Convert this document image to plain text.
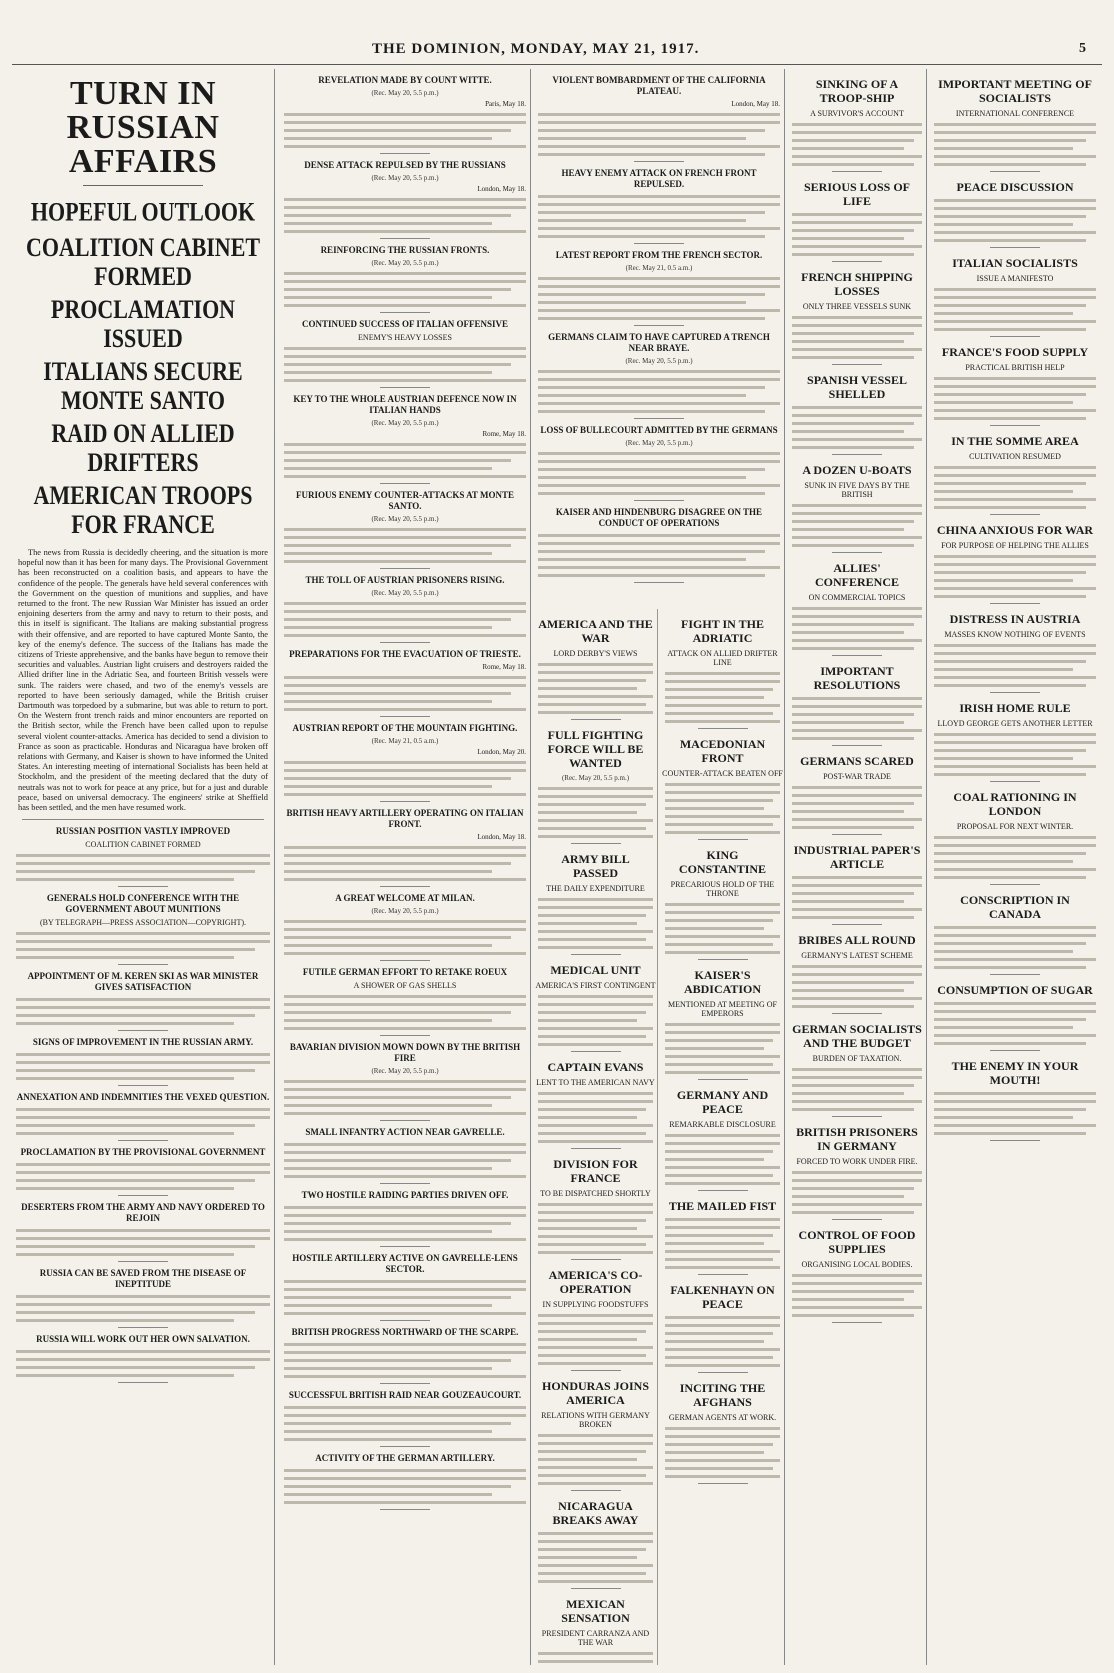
THE DOMINION, MONDAY, MAY 21, 1917.	5
TURN IN RUSSIAN AFFAIRS
HOPEFUL OUTLOOK
COALITION CABINET FORMED
PROCLAMATION ISSUED
ITALIANS SECURE MONTE SANTO
RAID ON ALLIED DRIFTERS
AMERICAN TROOPS FOR FRANCE

The news from Russia is decidedly cheering, and the situation is more hopeful now than it has been for many days. The Provisional Government has been reconstructed on a coalition basis, and appears to have the confidence of the people. The generals have held several conferences with the Government on the question of munitions and supplies, and have returned to the front. The new Russian War Minister has issued an order enjoining deserters from the army and navy to return to their posts, and this in itself is significant. The Italians are making substantial progress with their offensive, and are reported to have captured Monte Santo, the key of the enemy's defence. The success of the Italians has made the citizens of Trieste apprehensive, and the banks have begun to remove their securities and valuables. Austrian light cruisers and destroyers raided the Allied drifter line in the Adriatic Sea, and fourteen British vessels were sunk. The raiders were chased, and two of the enemy's vessels are reported to have been seriously damaged, while the British cruiser Dartmouth was torpedoed by a submarine, but was able to return to port. On the Western front trench raids and minor encounters are reported on the British sector, while the French have been called upon to repulse several violent counter-attacks. America has decided to send a division to France as soon as practicable. Honduras and Nicaragua have broken off relations with Germany, and Kaiser is shown to have informed the United States. An interesting meeting of international Socialists has been held at Stockholm, and the president of the meeting declared that the duty of neutrals was not to work for peace at any price, but for a just and durable peace, based on universal democracy. The engineers' strike at Sheffield has been settled, and the men have resumed work.

RUSSIAN POSITION VASTLY IMPROVED
COALITION CABINET FORMED
GENERALS HOLD CONFERENCE WITH THE GOVERNMENT ABOUT MUNITIONS
(BY TELEGRAPH—PRESS ASSOCIATION—COPYRIGHT).
APPOINTMENT OF M. KEREN SKI AS WAR MINISTER GIVES SATISFACTION
SIGNS OF IMPROVEMENT IN THE RUSSIAN ARMY.
ANNEXATION AND INDEMNITIES THE VEXED QUESTION.
PROCLAMATION BY THE PROVISIONAL GOVERNMENT
DESERTERS FROM THE ARMY AND NAVY ORDERED TO REJOIN
RUSSIA CAN BE SAVED FROM THE DISEASE OF INEPTITUDE
RUSSIA WILL WORK OUT HER OWN SALVATION.
REVELATION MADE BY COUNT WITTE.
(Rec. May 20, 5.5 p.m.)
Paris, May 18.
DENSE ATTACK REPULSED BY THE RUSSIANS
(Rec. May 20, 5.5 p.m.)
London, May 18.
REINFORCING THE RUSSIAN FRONTS.
(Rec. May 20, 5.5 p.m.)
CONTINUED SUCCESS OF ITALIAN OFFENSIVE
ENEMY'S HEAVY LOSSES
KEY TO THE WHOLE AUSTRIAN DEFENCE NOW IN ITALIAN HANDS
(Rec. May 20, 5.5 p.m.)
Rome, May 18.
FURIOUS ENEMY COUNTER-ATTACKS AT MONTE SANTO.
(Rec. May 20, 5.5 p.m.)
THE TOLL OF AUSTRIAN PRISONERS RISING.
(Rec. May 20, 5.5 p.m.)
PREPARATIONS FOR THE EVACUATION OF TRIESTE.
Rome, May 18.
AUSTRIAN REPORT OF THE MOUNTAIN FIGHTING.
(Rec. May 21, 0.5 a.m.)
London, May 20.
BRITISH HEAVY ARTILLERY OPERATING ON ITALIAN FRONT.
London, May 18.
A GREAT WELCOME AT MILAN.
(Rec. May 20, 5.5 p.m.)
FUTILE GERMAN EFFORT TO RETAKE ROEUX
A SHOWER OF GAS SHELLS
BAVARIAN DIVISION MOWN DOWN BY THE BRITISH FIRE
(Rec. May 20, 5.5 p.m.)
SMALL INFANTRY ACTION NEAR GAVRELLE.
TWO HOSTILE RAIDING PARTIES DRIVEN OFF.
HOSTILE ARTILLERY ACTIVE ON GAVRELLE-LENS SECTOR.
BRITISH PROGRESS NORTHWARD OF THE SCARPE.
SUCCESSFUL BRITISH RAID NEAR GOUZEAUCOURT.
ACTIVITY OF THE GERMAN ARTILLERY.
VIOLENT BOMBARDMENT OF THE CALIFORNIA PLATEAU.
London, May 18.
HEAVY ENEMY ATTACK ON FRENCH FRONT REPULSED.
LATEST REPORT FROM THE FRENCH SECTOR.
(Rec. May 21, 0.5 a.m.)
GERMANS CLAIM TO HAVE CAPTURED A TRENCH NEAR BRAYE.
(Rec. May 20, 5.5 p.m.)
LOSS OF BULLECOURT ADMITTED BY THE GERMANS
(Rec. May 20, 5.5 p.m.)
KAISER AND HINDENBURG DISAGREE ON THE CONDUCT OF OPERATIONS
AMERICA AND THE WAR
LORD DERBY'S VIEWS
FULL FIGHTING FORCE WILL BE WANTED
(Rec. May 20, 5.5 p.m.)
ARMY BILL PASSED
THE DAILY EXPENDITURE
MEDICAL UNIT
AMERICA'S FIRST CONTINGENT
CAPTAIN EVANS
LENT TO THE AMERICAN NAVY
DIVISION FOR FRANCE
TO BE DISPATCHED SHORTLY
AMERICA'S CO-OPERATION
IN SUPPLYING FOODSTUFFS
HONDURAS JOINS AMERICA
RELATIONS WITH GERMANY BROKEN
NICARAGUA BREAKS AWAY
MEXICAN SENSATION
PRESIDENT CARRANZA AND THE WAR
FIGHT IN THE ADRIATIC
ATTACK ON ALLIED DRIFTER LINE
MACEDONIAN FRONT
COUNTER-ATTACK BEATEN OFF
KING CONSTANTINE
PRECARIOUS HOLD OF THE THRONE
KAISER'S ABDICATION
MENTIONED AT MEETING OF EMPERORS
GERMANY AND PEACE
REMARKABLE DISCLOSURE
THE MAILED FIST
FALKENHAYN ON PEACE
INCITING THE AFGHANS
GERMAN AGENTS AT WORK.
SINKING OF A TROOP-SHIP
A SURVIVOR'S ACCOUNT
SERIOUS LOSS OF LIFE
FRENCH SHIPPING LOSSES
ONLY THREE VESSELS SUNK
SPANISH VESSEL SHELLED
A DOZEN U-BOATS
SUNK IN FIVE DAYS BY THE BRITISH
ALLIES' CONFERENCE
ON COMMERCIAL TOPICS
IMPORTANT RESOLUTIONS
GERMANS SCARED
POST-WAR TRADE
INDUSTRIAL PAPER'S ARTICLE
BRIBES ALL ROUND
GERMANY'S LATEST SCHEME
GERMAN SOCIALISTS AND THE BUDGET
BURDEN OF TAXATION.
BRITISH PRISONERS IN GERMANY
FORCED TO WORK UNDER FIRE.
CONTROL OF FOOD SUPPLIES
ORGANISING LOCAL BODIES.
IMPORTANT MEETING OF SOCIALISTS
INTERNATIONAL CONFERENCE
PEACE DISCUSSION
ITALIAN SOCIALISTS
ISSUE A MANIFESTO
FRANCE'S FOOD SUPPLY
PRACTICAL BRITISH HELP
IN THE SOMME AREA
CULTIVATION RESUMED
CHINA ANXIOUS FOR WAR
FOR PURPOSE OF HELPING THE ALLIES
DISTRESS IN AUSTRIA
MASSES KNOW NOTHING OF EVENTS
IRISH HOME RULE
LLOYD GEORGE GETS ANOTHER LETTER
COAL RATIONING IN LONDON
PROPOSAL FOR NEXT WINTER.
CONSCRIPTION IN CANADA
CONSUMPTION OF SUGAR
THE ENEMY IN YOUR MOUTH!
